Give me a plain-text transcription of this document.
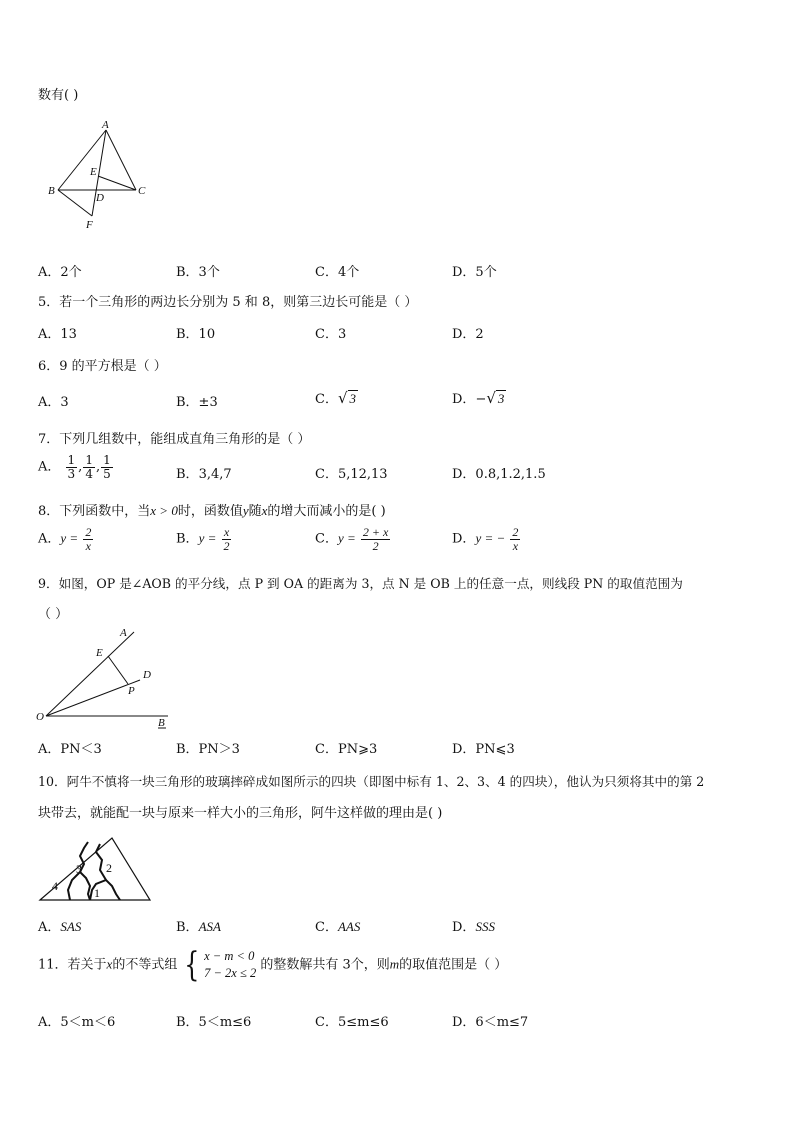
数有( )
A
E
B
D
C
F
A．2个	B．3个	C．4个	D．5个
5．若一个三角形的两边长分别为 5 和 8，则第三边长可能是（ ）
A．13	B．10	C．3	D．2
6．9 的平方根是（ ）
A．3	B．±3	C．√ 3	D．−√ 3
7．下列几组数中，能组成直角三角形的是（ ）
A． $\frac{1}{3}$ , $\frac{1}{4}$ , $\frac{1}{5}$	B．3,4,7	C．5,12,13	D．0.8,1.2,1.5
8．下列函数中，当x > 0时，函数值y随x的增大而减小的是( )
A．$y = \frac{2}{x}$	B．$y = \frac{x}{2}$	C．$y = \frac{2 + x}{2}$	D．y = − $\frac{2}{x}$
9．如图，OP 是∠AOB 的平分线，点 P 到 OA 的距离为 3，点 N 是 OB 上的任意一点，则线段 PN 的取值范围为
（ ）
A
E
D
P
O	B
A．PN＜3	B．PN＞3	C．PN⩾3	D．PN⩽3
10．阿牛不慎将一块三角形的玻璃摔碎成如图所示的四块（即图中标有 1、2、3、4 的四块），他认为只须将其中的第 2
块带去，就能配一块与原来一样大小的三角形，阿牛这样做的理由是( )
4
3 2
1
A．SAS	B．ASA	C．AAS	D．SSS
11．若关于x的不等式组 { x − m < 0
7 − 2x ≤ 2
的整数解共有 3个，则m的取值范围是（ ）
A．5＜m＜6	B．5＜m≤6	C．5≤m≤6	D．6＜m≤7
